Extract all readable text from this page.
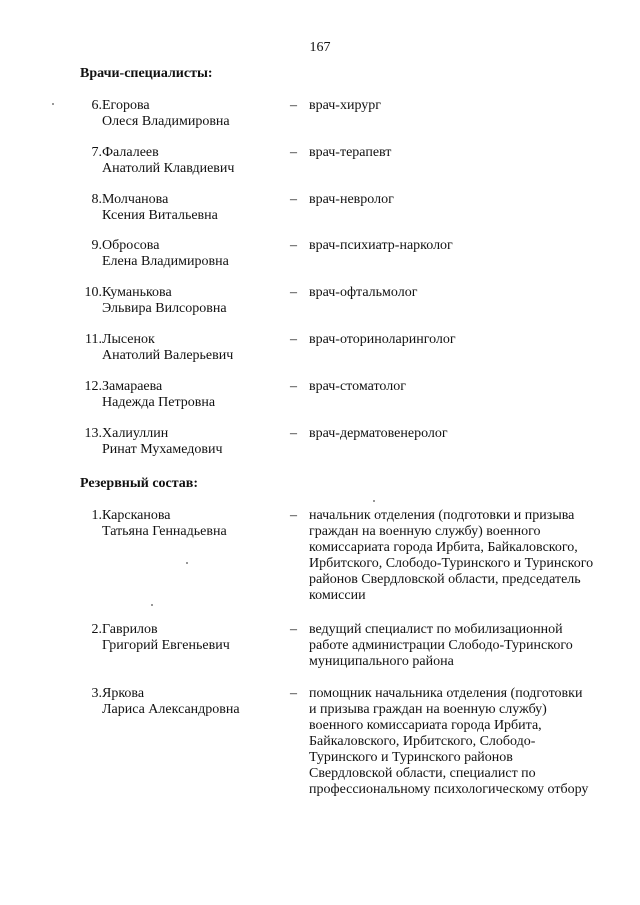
167
Врачи-специалисты:
6. Егорова
Олеся Владимировна
– врач-хирург
7. Фалалеев
Анатолий Клавдиевич
– врач-терапевт
8. Молчанова
Ксения Витальевна
– врач-невролог
9. Обросова
Елена Владимировна
– врач-психиатр-нарколог
10. Куманькова
Эльвира Вилсоровна
– врач-офтальмолог
11. Лысенок
Анатолий Валерьевич
– врач-оториноларинголог
12. Замараева
Надежда Петровна
– врач-стоматолог
13. Халиуллин
Ринат Мухамедович
– врач-дерматовенеролог
Резервный состав:
1. Карсканова
Татьяна Геннадьевна
– начальник отделения (подготовки и призыва
граждан на военную службу) военного
комиссариата города Ирбита, Байкаловского,
Ирбитского, Слободо-Туринского и Туринского
районов Свердловской области, председатель
комиссии
2. Гаврилов
Григорий Евгеньевич
– ведущий специалист по мобилизационной
работе администрации Слободо-Туринского
муниципального района
3. Яркова
Лариса Александровна
– помощник начальника отделения (подготовки
и призыва граждан на военную службу)
военного комиссариата города Ирбита,
Байкаловского, Ирбитского, Слободо-
Туринского и Туринского районов
Свердловской области, специалист по
профессиональному психологическому отбору
